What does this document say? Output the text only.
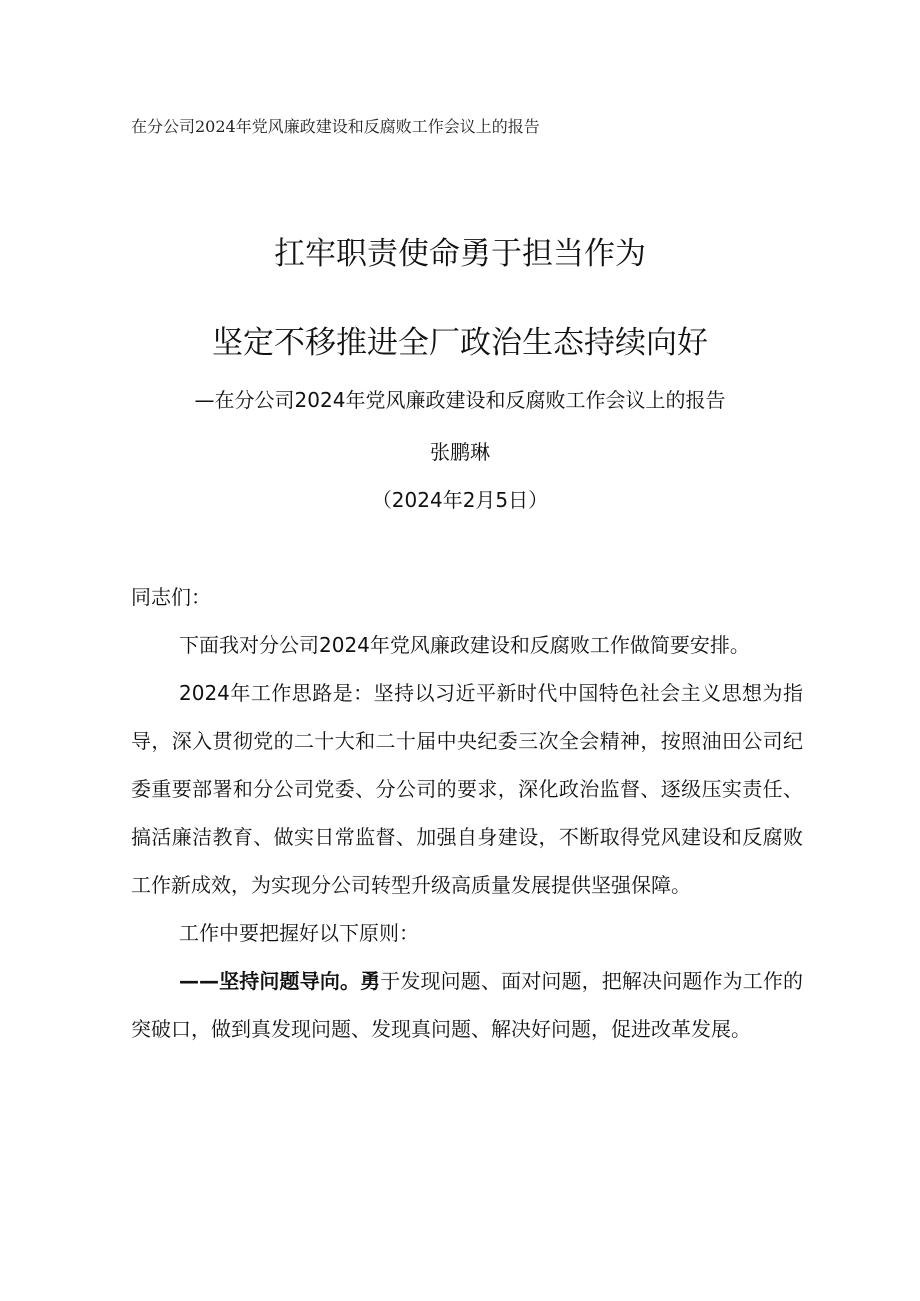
在分公司2024年党风廉政建设和反腐败工作会议上的报告
扛牢职责使命勇于担当作为
坚定不移推进全厂政治生态持续向好
—在分公司2024年党风廉政建设和反腐败工作会议上的报告
张鹏琳
（2024年2月5日）
同志们：

下面我对分公司2024年党风廉政建设和反腐败工作做简要安排。

2024年工作思路是：坚持以习近平新时代中国特色社会主义思想为指导，深入贯彻党的二十大和二十届中央纪委三次全会精神，按照油田公司纪委重要部署和分公司党委、分公司的要求，深化政治监督、逐级压实责任、搞活廉洁教育、做实日常监督、加强自身建设，不断取得党风建设和反腐败工作新成效，为实现分公司转型升级高质量发展提供坚强保障。

工作中要把握好以下原则：

——坚持问题导向。勇于发现问题、面对问题，把解决问题作为工作的突破口，做到真发现问题、发现真问题、解决好问题，促进改革发展。
